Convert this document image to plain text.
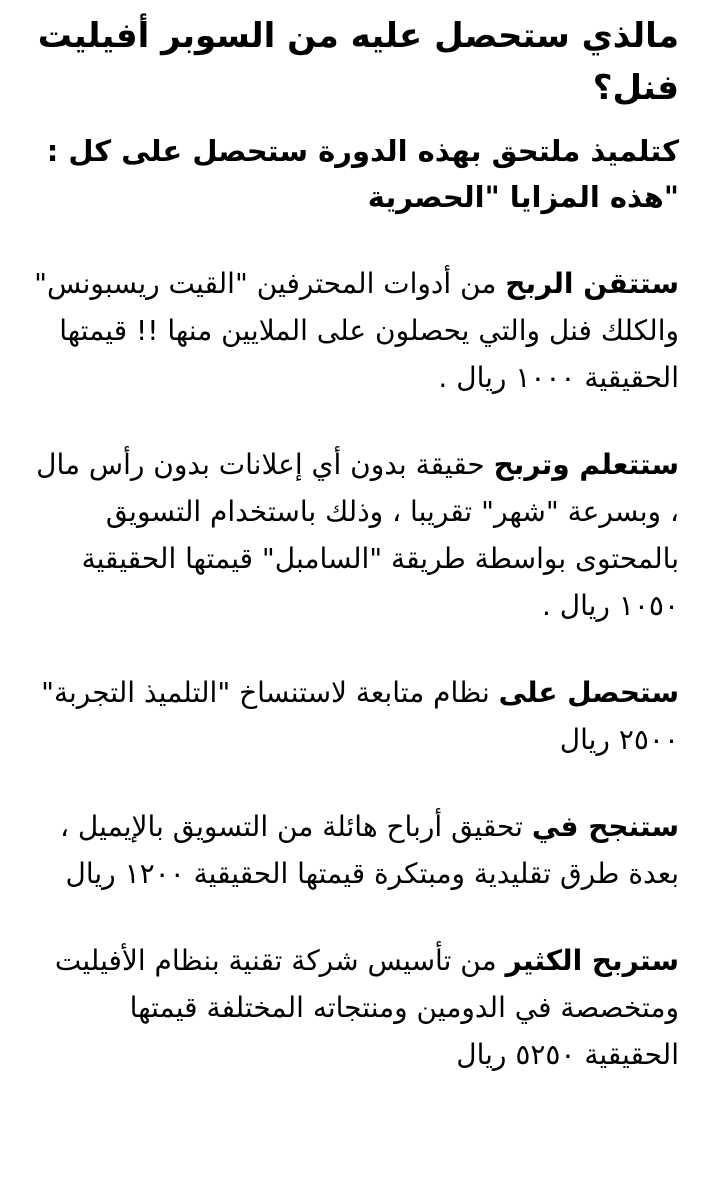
مالذي ستحصل عليه من السوبر أفيليت فنل؟

كتلميذ ملتحق بهذه الدورة ستحصل على كل : "هذه المزايا "الحصرية

ستتقن الربح من أدوات المحترفين "القيت ريسبونس" والكلك فنل والتي يحصلون على الملايين منها !! قيمتها الحقيقية ١٠٠٠ ريال .

ستتعلم وتربح حقيقة بدون أي إعلانات بدون رأس مال ، وبسرعة "شهر" تقريبا ، وذلك باستخدام التسويق بالمحتوى بواسطة طريقة "السامبل" قيمتها الحقيقية ١٠٥٠ ريال .

ستحصل على نظام متابعة لاستنساخ "التلميذ التجربة" ٢٥٠٠ ريال

ستنجح في تحقيق أرباح هائلة من التسويق بالإيميل ، بعدة طرق تقليدية ومبتكرة قيمتها الحقيقية ١٢٠٠ ريال

ستربح الكثير من تأسيس شركة تقنية بنظام الأفيليت ومتخصصة في الدومين ومنتجاته المختلفة قيمتها الحقيقية ٥٢٥٠ ريال
